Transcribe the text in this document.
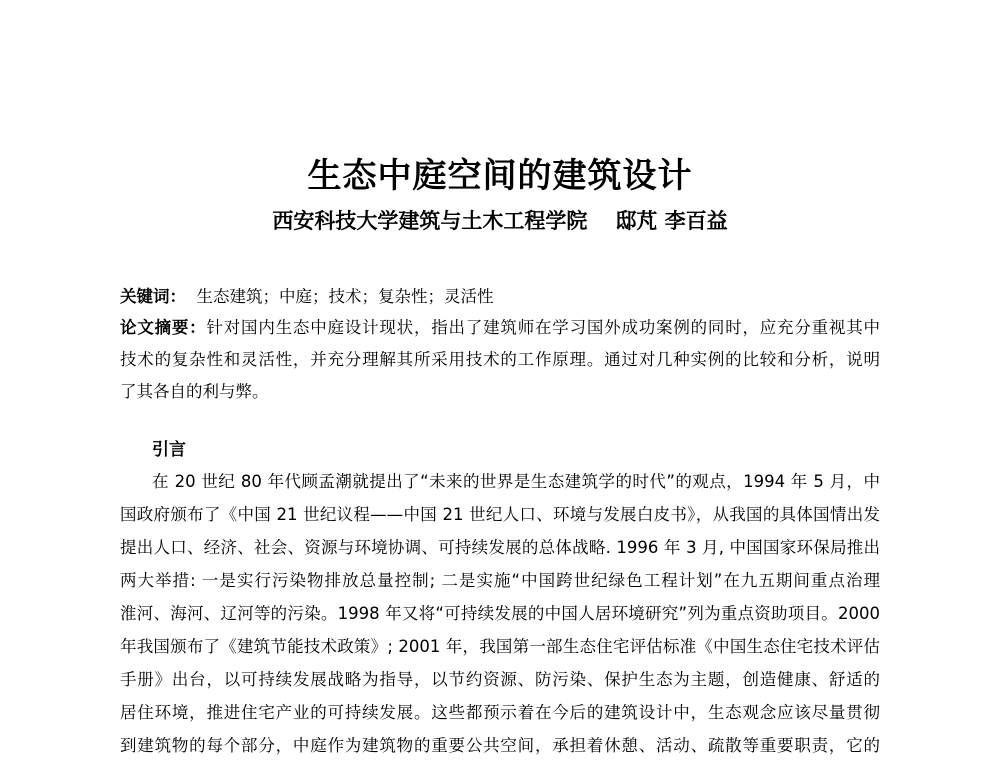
生态中庭空间的建筑设计
西安科技大学建筑与土木工程学院 邸芃 李百益
关键词： 生态建筑；中庭；技术；复杂性；灵活性
论文摘要：针对国内生态中庭设计现状，指出了建筑师在学习国外成功案例的同时，应充分重视其中
技术的复杂性和灵活性，并充分理解其所采用技术的工作原理。通过对几种实例的比较和分析，说明
了其各自的利与弊。
引言
在 20 世纪 80 年代顾孟潮就提出了“未来的世界是生态建筑学的时代”的观点，1994 年 5 月，中
国政府颁布了《中国 21 世纪议程——中国 21 世纪人口、环境与发展白皮书》，从我国的具体国情出发
提出人口、经济、社会、资源与环境协调、可持续发展的总体战略. 1996 年 3 月, 中国国家环保局推出
两大举措: 一是实行污染物排放总量控制; 二是实施“中国跨世纪绿色工程计划”在九五期间重点治理
淮河、海河、辽河等的污染。1998 年又将“可持续发展的中国人居环境研究”列为重点资助项目。2000
年我国颁布了《建筑节能技术政策》; 2001 年，我国第一部生态住宅评估标准《中国生态住宅技术评估
手册》出台，以可持续发展战略为指导，以节约资源、防污染、保护生态为主题，创造健康、舒适的
居住环境，推进住宅产业的可持续发展。这些都预示着在今后的建筑设计中，生态观念应该尽量贯彻
到建筑物的每个部分，中庭作为建筑物的重要公共空间，承担着休憩、活动、疏散等重要职责，它的
